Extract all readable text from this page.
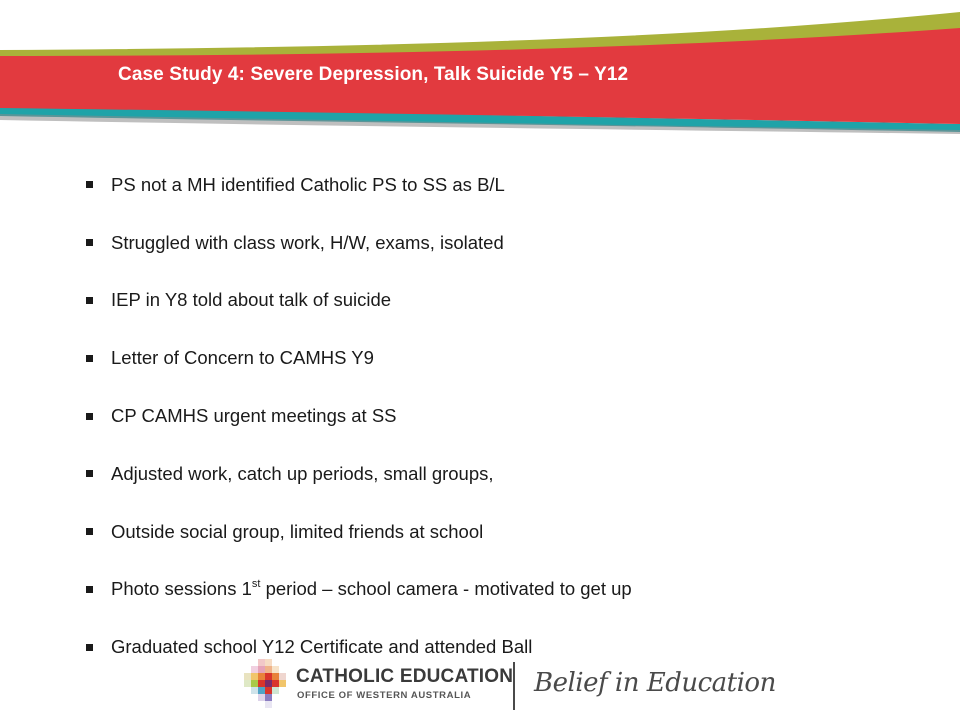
Case Study 4: Severe Depression, Talk Suicide Y5 – Y12
PS not a MH identified Catholic PS to SS as B/L
Struggled with class work, H/W, exams, isolated
IEP in Y8 told about talk of suicide
Letter of Concern to CAMHS Y9
CP CAMHS urgent meetings at SS
Adjusted work, catch up periods, small groups,
Outside social group, limited friends at school
Photo sessions 1st period – school camera - motivated to get up
Graduated school Y12 Certificate and attended Ball
CATHOLIC EDUCATION
OFFICE OF WESTERN AUSTRALIA Belief in Education
